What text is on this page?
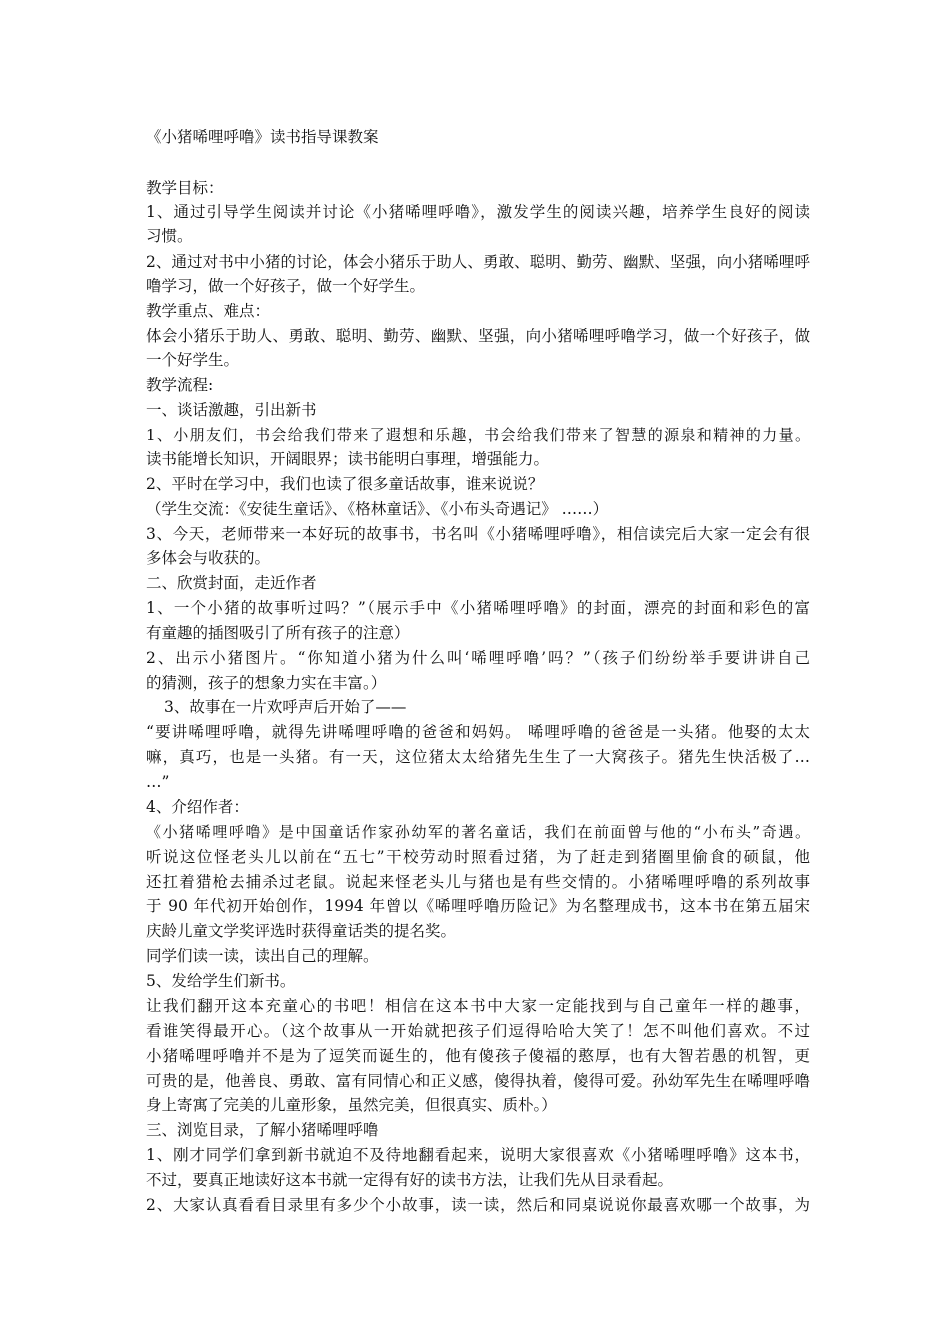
《小猪唏哩呼噜》读书指导课教案
教学目标：
1、通过引导学生阅读并讨论《小猪唏哩呼噜》，激发学生的阅读兴趣，培养学生良好的阅读
习惯。
2、通过对书中小猪的讨论，体会小猪乐于助人、勇敢、聪明、勤劳、幽默、坚强，向小猪唏哩呼
噜学习，做一个好孩子，做一个好学生。
教学重点、难点：
体会小猪乐于助人、勇敢、聪明、勤劳、幽默、坚强，向小猪唏哩呼噜学习，做一个好孩子，做
一个好学生。
教学流程:
一、谈话激趣，引出新书
1、小朋友们，书会给我们带来了遐想和乐趣，书会给我们带来了智慧的源泉和精神的力量。
读书能增长知识，开阔眼界；读书能明白事理，增强能力。
2、平时在学习中，我们也读了很多童话故事，谁来说说？
（学生交流：《安徒生童话》、《格林童话》、《小布头奇遇记》 ……）
3、今天，老师带来一本好玩的故事书，书名叫《小猪唏哩呼噜》，相信读完后大家一定会有很
多体会与收获的。
二、欣赏封面，走近作者
1、一个小猪的故事听过吗？”（展示手中《小猪唏哩呼噜》的封面，漂亮的封面和彩色的富
有童趣的插图吸引了所有孩子的注意）
2、出示小猪图片。“你知道小猪为什么叫‘唏哩呼噜’吗？”（孩子们纷纷举手要讲讲自己
的猜测，孩子的想象力实在丰富。）
3、故事在一片欢呼声后开始了——
“要讲唏哩呼噜，就得先讲唏哩呼噜的爸爸和妈妈。 唏哩呼噜的爸爸是一头猪。他娶的太太
嘛，真巧，也是一头猪。有一天，这位猪太太给猪先生生了一大窝孩子。猪先生快活极了…
…”
4、介绍作者：
《小猪唏哩呼噜》是中国童话作家孙幼军的著名童话，我们在前面曾与他的“小布头”奇遇。
听说这位怪老头儿以前在“五七”干校劳动时照看过猪，为了赶走到猪圈里偷食的硕鼠，他
还扛着猎枪去捕杀过老鼠。说起来怪老头儿与猪也是有些交情的。小猪唏哩呼噜的系列故事
于 90 年代初开始创作，1994 年曾以《唏哩呼噜历险记》为名整理成书，这本书在第五届宋
庆龄儿童文学奖评选时获得童话类的提名奖。
同学们读一读，读出自己的理解。
5、发给学生们新书。
让我们翻开这本充童心的书吧！相信在这本书中大家一定能找到与自己童年一样的趣事，
看谁笑得最开心。（这个故事从一开始就把孩子们逗得哈哈大笑了！怎不叫他们喜欢。不过
小猪唏哩呼噜并不是为了逗笑而诞生的，他有傻孩子傻福的憨厚，也有大智若愚的机智，更
可贵的是，他善良、勇敢、富有同情心和正义感，傻得执着，傻得可爱。孙幼军先生在唏哩呼噜
身上寄寓了完美的儿童形象，虽然完美，但很真实、质朴。）
三、浏览目录，了解小猪唏哩呼噜
1、刚才同学们拿到新书就迫不及待地翻看起来，说明大家很喜欢《小猪唏哩呼噜》这本书，
不过，要真正地读好这本书就一定得有好的读书方法，让我们先从目录看起。
2、大家认真看看目录里有多少个小故事，读一读，然后和同桌说说你最喜欢哪一个故事，为
